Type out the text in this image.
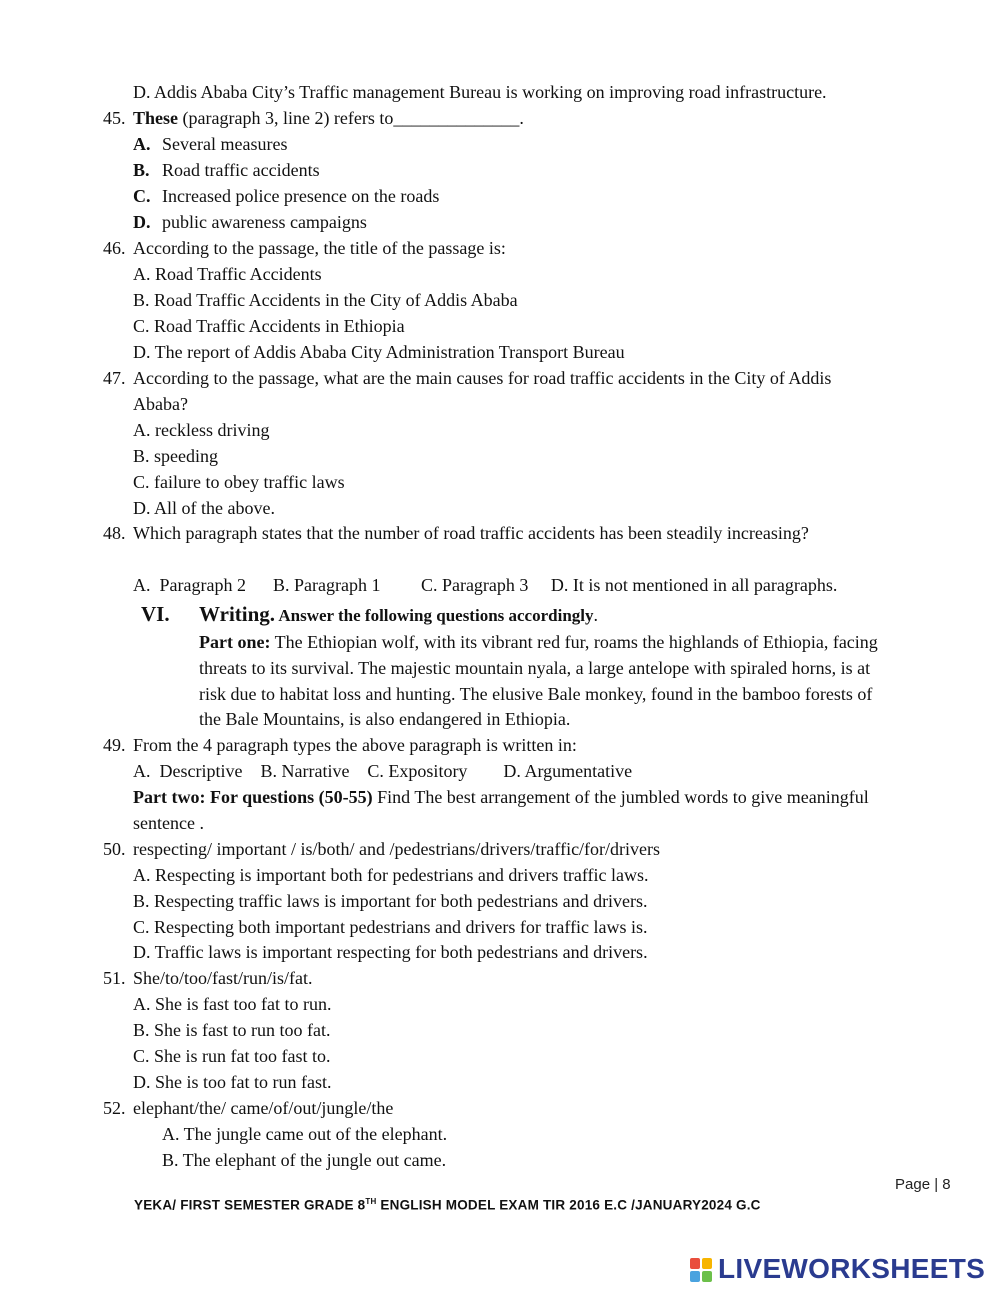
D. Addis Ababa City’s Traffic management Bureau is working on improving road infrastructure.
45. These (paragraph 3, line 2) refers to______________.
A. Several measures
B. Road traffic accidents
C. Increased police presence on the roads
D. public awareness campaigns
46. According to the passage, the title of the passage is:
A. Road Traffic Accidents
B. Road Traffic Accidents in the City of Addis Ababa
C. Road Traffic Accidents in Ethiopia
D. The report of Addis Ababa City Administration Transport Bureau
47. According to the passage, what are the main causes for road traffic accidents in the City of Addis
Ababa?
A. reckless driving
B. speeding
C. failure to obey traffic laws
D. All of the above.
48. Which paragraph states that the number of road traffic accidents has been steadily increasing?
A.  Paragraph 2      B. Paragraph 1         C. Paragraph 3     D. It is not mentioned in all paragraphs.
VI. Writing. Answer the following questions accordingly.
Part one: The Ethiopian wolf, with its vibrant red fur, roams the highlands of Ethiopia, facing
threats to its survival. The majestic mountain nyala, a large antelope with spiraled horns, is at
risk due to habitat loss and hunting. The elusive Bale monkey, found in the bamboo forests of
the Bale Mountains, is also endangered in Ethiopia.
49. From the 4 paragraph types the above paragraph is written in:
A.  Descriptive    B. Narrative    C. Expository        D. Argumentative
Part two: For questions (50-55) Find The best arrangement of the jumbled words to give meaningful
sentence .
50. respecting/ important / is/both/ and /pedestrians/drivers/traffic/for/drivers
A. Respecting is important both for pedestrians and drivers traffic laws.
B. Respecting traffic laws is important for both pedestrians and drivers.
C. Respecting both important pedestrians and drivers for traffic laws is.
D. Traffic laws is important respecting for both pedestrians and drivers.
51. She/to/too/fast/run/is/fat.
A. She is fast too fat to run.
B. She is fast to run too fat.
C. She is run fat too fast to.
D. She is too fat to run fast.
52. elephant/the/ came/of/out/jungle/the
A. The jungle came out of the elephant.
B. The elephant of the jungle out came.
Page | 8
YEKA/ FIRST SEMESTER GRADE 8TH ENGLISH MODEL EXAM TIR 2016 E.C /JANUARY2024 G.C
LIVEWORKSHEETS
